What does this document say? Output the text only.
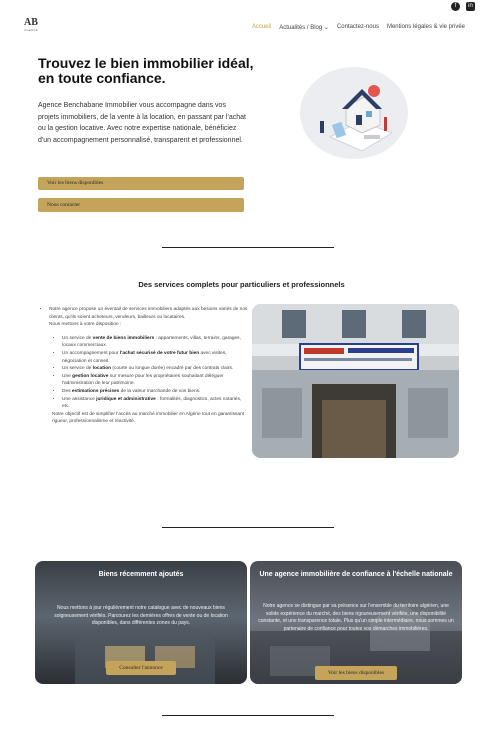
f	in
AB
AGENCE	Accueil Actualités / Blog ⌄ Contactez-nous Mentions légales & vie privée
Trouvez le bien immobilier idéal, en toute confiance.
Agence Benchabane Immobilier vous accompagne dans vos projets immobiliers, de la vente à la location, en passant par l'achat ou la gestion locative. Avec notre expertise nationale, bénéficiez d'un accompagnement personnalisé, transparent et professionnel.
Voir les biens disponibles
Nous contacter
Des services complets pour particuliers et professionnels
• Notre agence propose un éventail de services immobiliers adaptés aux besoins variés de nos clients, qu'ils soient acheteurs, vendeurs, bailleurs ou locataires.
Nous mettons à votre disposition :
• Un service de vente de biens immobiliers : appartements, villas, terrains, garages, locaux commerciaux.
• Un accompagnement pour l'achat sécurisé de votre futur bien avec visites, négociation et conseil.
• Un service de location (courte ou longue durée) encadré par des contrats clairs.
• Une gestion locative sur mesure pour les propriétaires souhaitant déléguer l'administration de leur patrimoine.
• Des estimations précises de la valeur marchande de vos biens.
• Une assistance juridique et administrative : formalités, diagnostics, actes notariés, etc.

Notre objectif est de simplifier l'accès au marché immobilier en Algérie tout en garantissant rigueur, professionnalisme et réactivité.

Biens récemment ajoutés
Nous mettons à jour régulièrement notre catalogue avec de nouveaux biens soigneusement vérifiés. Parcourez les dernières offres de vente ou de location disponibles, dans différentes zones du pays.
Consulter l'annonce
Une agence immobilière de confiance à l'échelle nationale
Notre agence se distingue par sa présence sur l'ensemble du territoire algérien, une solide expérience du marché, des biens rigoureusement vérifiés, une disponibilité constante, et une transparence totale. Plus qu'un simple intermédiaire, nous sommes un partenaire de confiance pour toutes vos démarches immobilières.
Voir les biens disponibles
